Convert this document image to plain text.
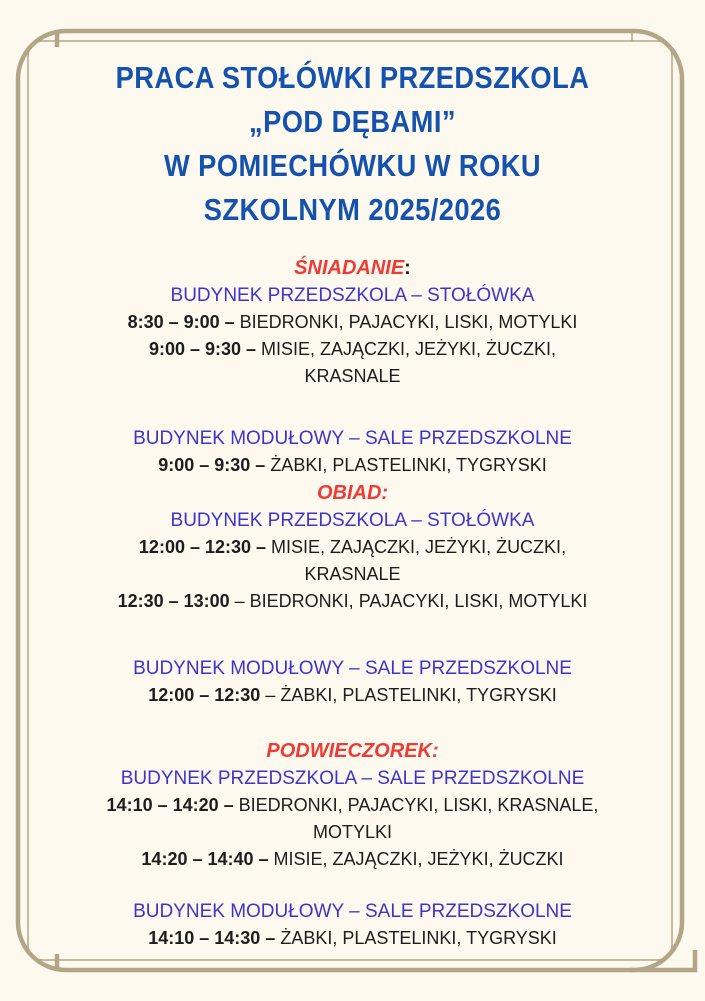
PRACA STOŁÓWKI PRZEDSZKOLA
„POD DĘBAMI”
W POMIECHÓWKU W ROKU
SZKOLNYM 2025/2026
ŚNIADANIE:
BUDYNEK PRZEDSZKOLA – STOŁÓWKA
8:30 – 9:00 – BIEDRONKI, PAJACYKI, LISKI, MOTYLKI
9:00 – 9:30 – MISIE, ZAJĄCZKI, JEŻYKI, ŻUCZKI,
KRASNALE
BUDYNEK MODUŁOWY – SALE PRZEDSZKOLNE
9:00 – 9:30 – ŻABKI, PLASTELINKI, TYGRYSKI
OBIAD:
BUDYNEK PRZEDSZKOLA – STOŁÓWKA
12:00 – 12:30 – MISIE, ZAJĄCZKI, JEŻYKI, ŻUCZKI,
KRASNALE
12:30 – 13:00 – BIEDRONKI, PAJACYKI, LISKI, MOTYLKI
BUDYNEK MODUŁOWY – SALE PRZEDSZKOLNE
12:00 – 12:30 – ŻABKI, PLASTELINKI, TYGRYSKI
PODWIECZOREK:
BUDYNEK PRZEDSZKOLA – SALE PRZEDSZKOLNE
14:10 – 14:20 – BIEDRONKI, PAJACYKI, LISKI, KRASNALE,
MOTYLKI
14:20 – 14:40 – MISIE, ZAJĄCZKI, JEŻYKI, ŻUCZKI
BUDYNEK MODUŁOWY – SALE PRZEDSZKOLNE
14:10 – 14:30 – ŻABKI, PLASTELINKI, TYGRYSKI
